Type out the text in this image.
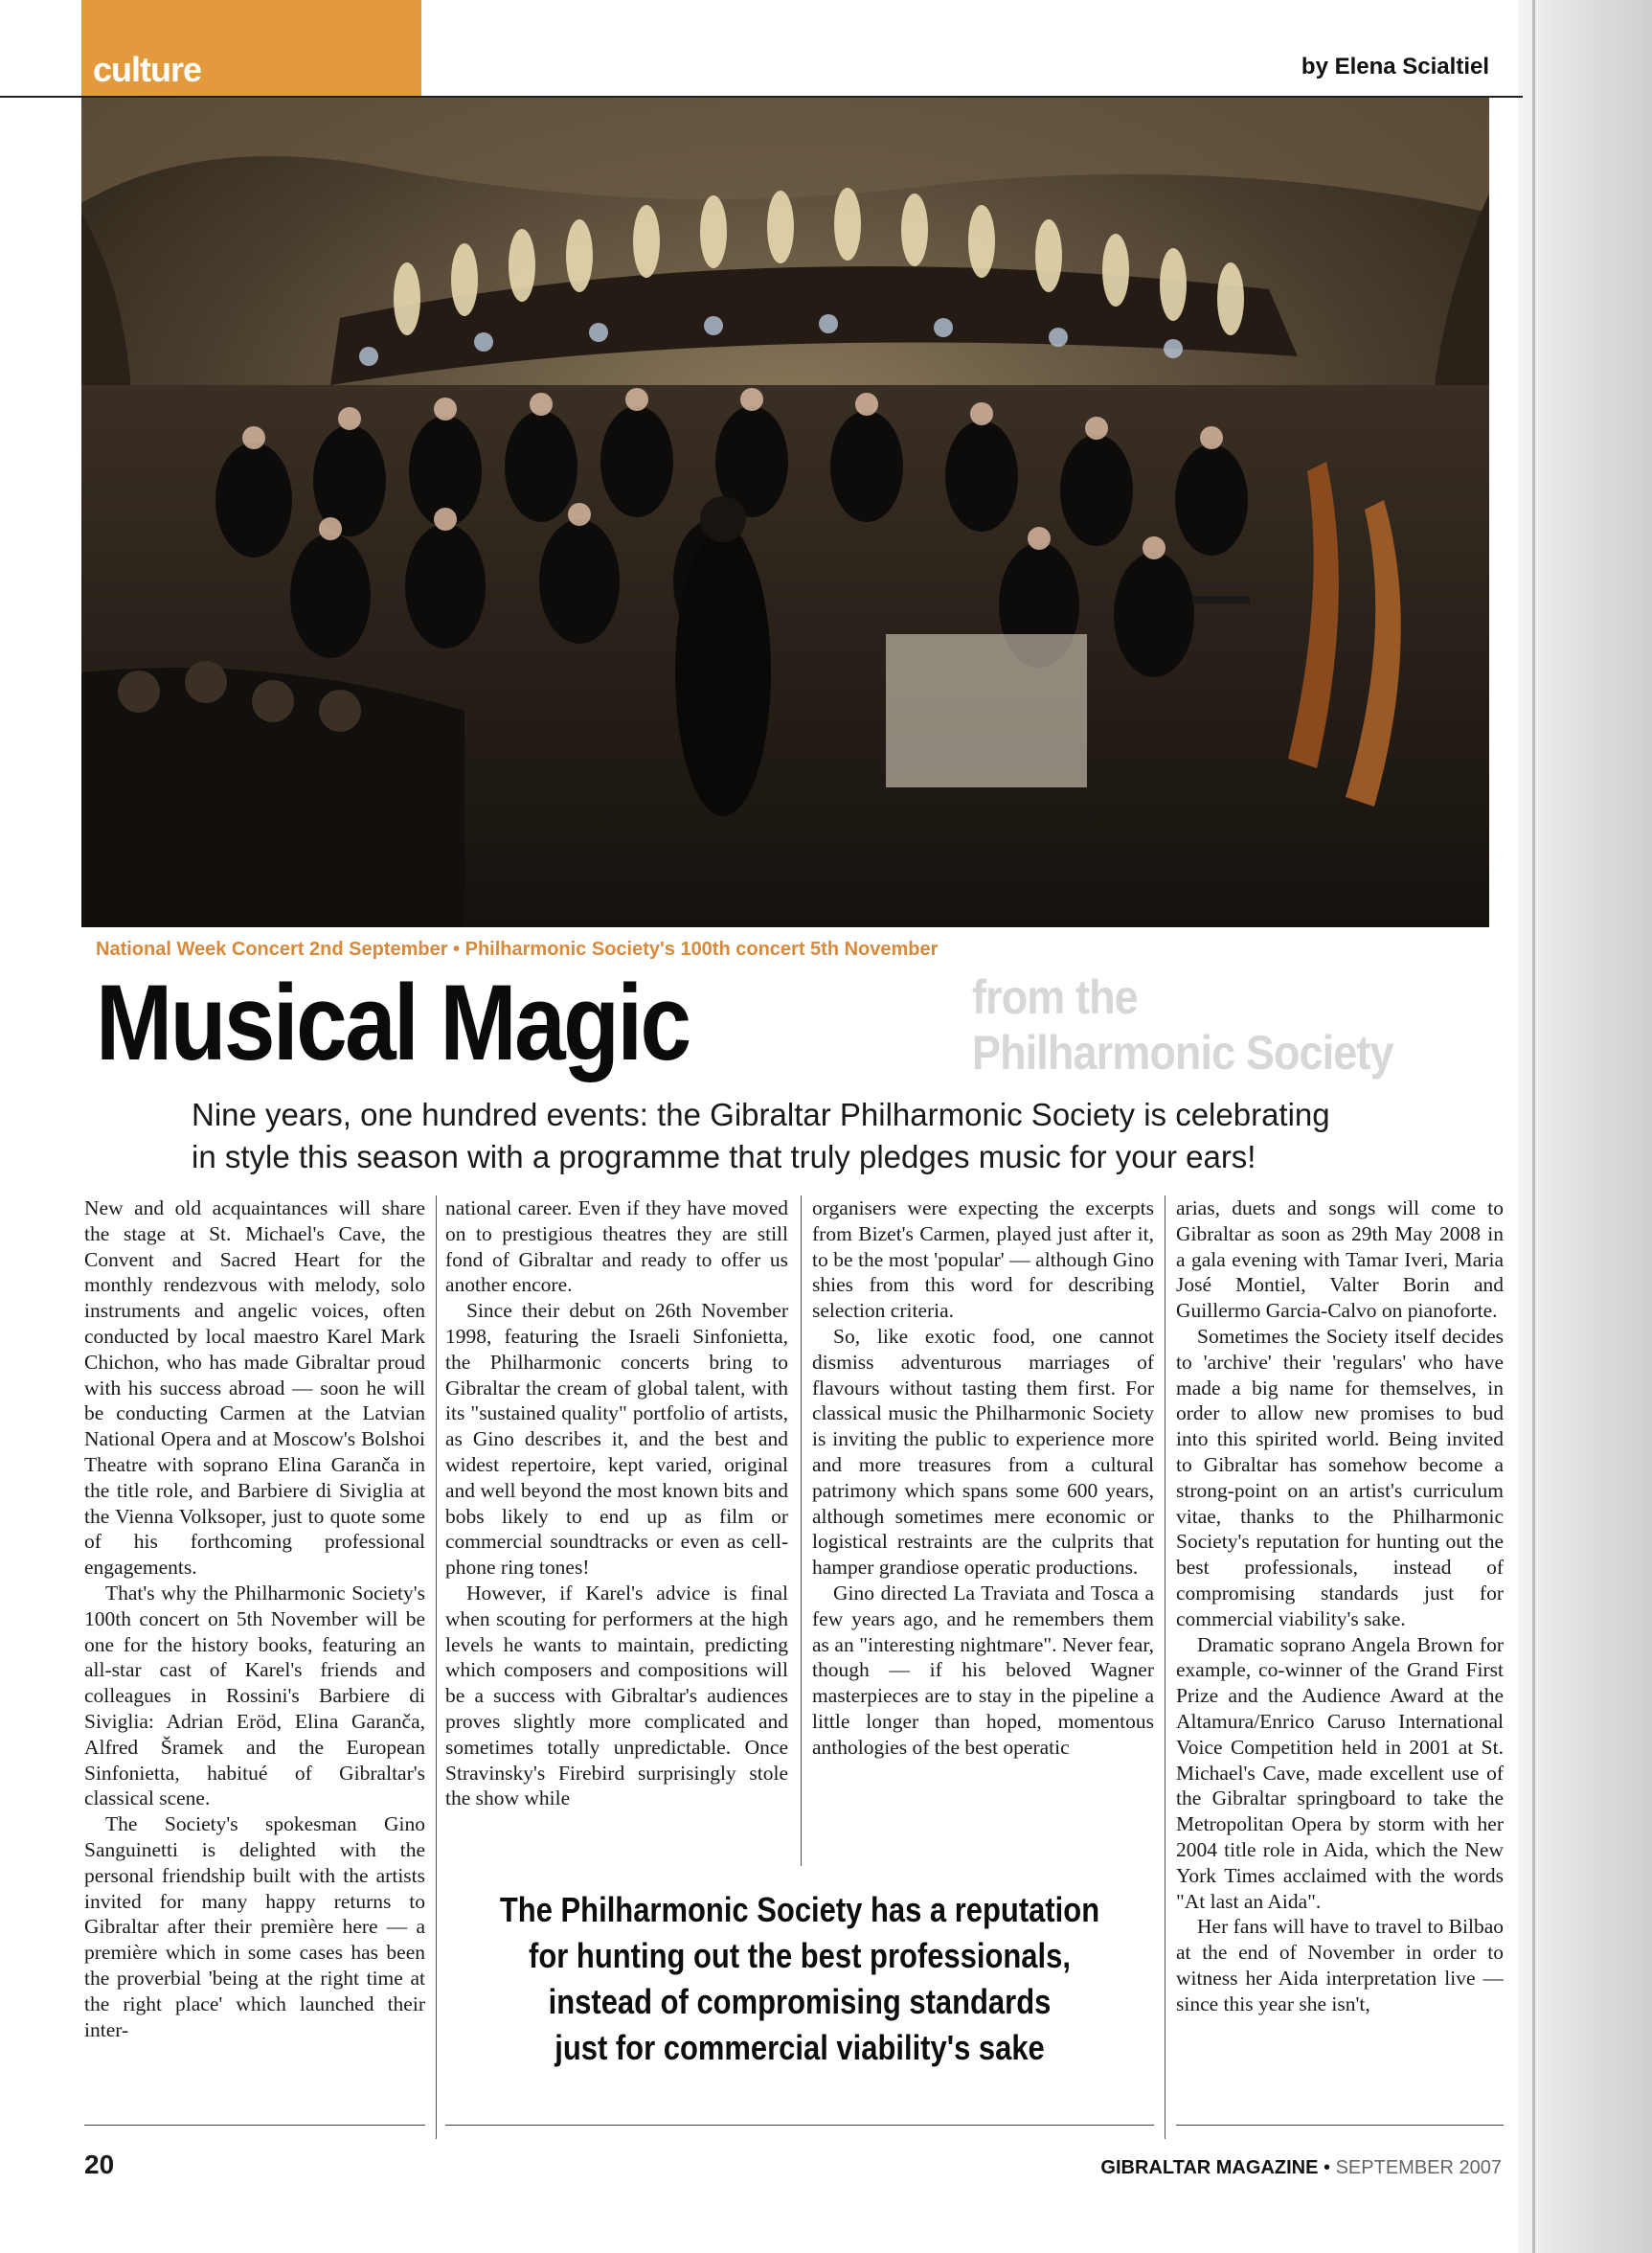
culture	by Elena Scialtiel
National Week Concert 2nd September • Philharmonic Society's 100th concert 5th November
Musical Magic	from the
Philharmonic Society
Nine years, one hundred events: the Gibraltar Philharmonic Society is celebrating
in style this season with a programme that truly pledges music for your ears!

New and old acquaintances will share the stage at St. Michael's Cave, the Convent and Sacred Heart for the monthly rendezvous with melody, solo instruments and angelic voices, often conducted by local maestro Karel Mark Chichon, who has made Gibraltar proud with his success abroad — soon he will be conducting Carmen at the Latvian National Opera and at Moscow's Bolshoi Theatre with soprano Elina Garanča in the title role, and Barbiere di Siviglia at the Vienna Volksoper, just to quote some of his forthcoming professional engagements.

That's why the Philharmonic Society's 100th concert on 5th November will be one for the history books, featuring an all-star cast of Karel's friends and colleagues in Rossini's Barbiere di Siviglia: Adrian Eröd, Elina Garanča, Alfred Šramek and the European Sinfonietta, habitué of Gibraltar's classical scene.

The Society's spokesman Gino Sanguinetti is delighted with the personal friendship built with the artists invited for many happy returns to Gibraltar after their première here — a première which in some cases has been the proverbial 'being at the right time at the right place' which launched their inter-

national career. Even if they have moved on to prestigious theatres they are still fond of Gibraltar and ready to offer us another encore.

Since their debut on 26th November 1998, featuring the Israeli Sinfonietta, the Philharmonic concerts bring to Gibraltar the cream of global talent, with its "sustained quality" portfolio of artists, as Gino describes it, and the best and widest repertoire, kept varied, original and well beyond the most known bits and bobs likely to end up as film or commercial soundtracks or even as cell-phone ring tones!

However, if Karel's advice is final when scouting for performers at the high levels he wants to maintain, predicting which composers and compositions will be a success with Gibraltar's audiences proves slightly more complicated and sometimes totally unpredictable. Once Stravinsky's Firebird surprisingly stole the show while

organisers were expecting the excerpts from Bizet's Carmen, played just after it, to be the most 'popular' — although Gino shies from this word for describing selection criteria.

So, like exotic food, one cannot dismiss adventurous marriages of flavours without tasting them first. For classical music the Philharmonic Society is inviting the public to experience more and more treasures from a cultural patrimony which spans some 600 years, although sometimes mere economic or logistical restraints are the culprits that hamper grandiose operatic productions.

Gino directed La Traviata and Tosca a few years ago, and he remembers them as an "interesting nightmare". Never fear, though — if his beloved Wagner masterpieces are to stay in the pipeline a little longer than hoped, momentous anthologies of the best operatic

arias, duets and songs will come to Gibraltar as soon as 29th May 2008 in a gala evening with Tamar Iveri, Maria José Montiel, Valter Borin and Guillermo Garcia-Calvo on pianoforte.

Sometimes the Society itself decides to 'archive' their 'regulars' who have made a big name for themselves, in order to allow new promises to bud into this spirited world. Being invited to Gibraltar has somehow become a strong-point on an artist's curriculum vitae, thanks to the Philharmonic Society's reputation for hunting out the best professionals, instead of compromising standards just for commercial viability's sake.

Dramatic soprano Angela Brown for example, co-winner of the Grand First Prize and the Audience Award at the Altamura/Enrico Caruso International Voice Competition held in 2001 at St. Michael's Cave, made excellent use of the Gibraltar springboard to take the Metropolitan Opera by storm with her 2004 title role in Aida, which the New York Times acclaimed with the words "At last an Aida".

Her fans will have to travel to Bilbao at the end of November in order to witness her Aida interpretation live — since this year she isn't,

The Philharmonic Society has a reputation
for hunting out the best professionals,
instead of compromising standards
just for commercial viability's sake
20	GIBRALTAR MAGAZINE • SEPTEMBER 2007
